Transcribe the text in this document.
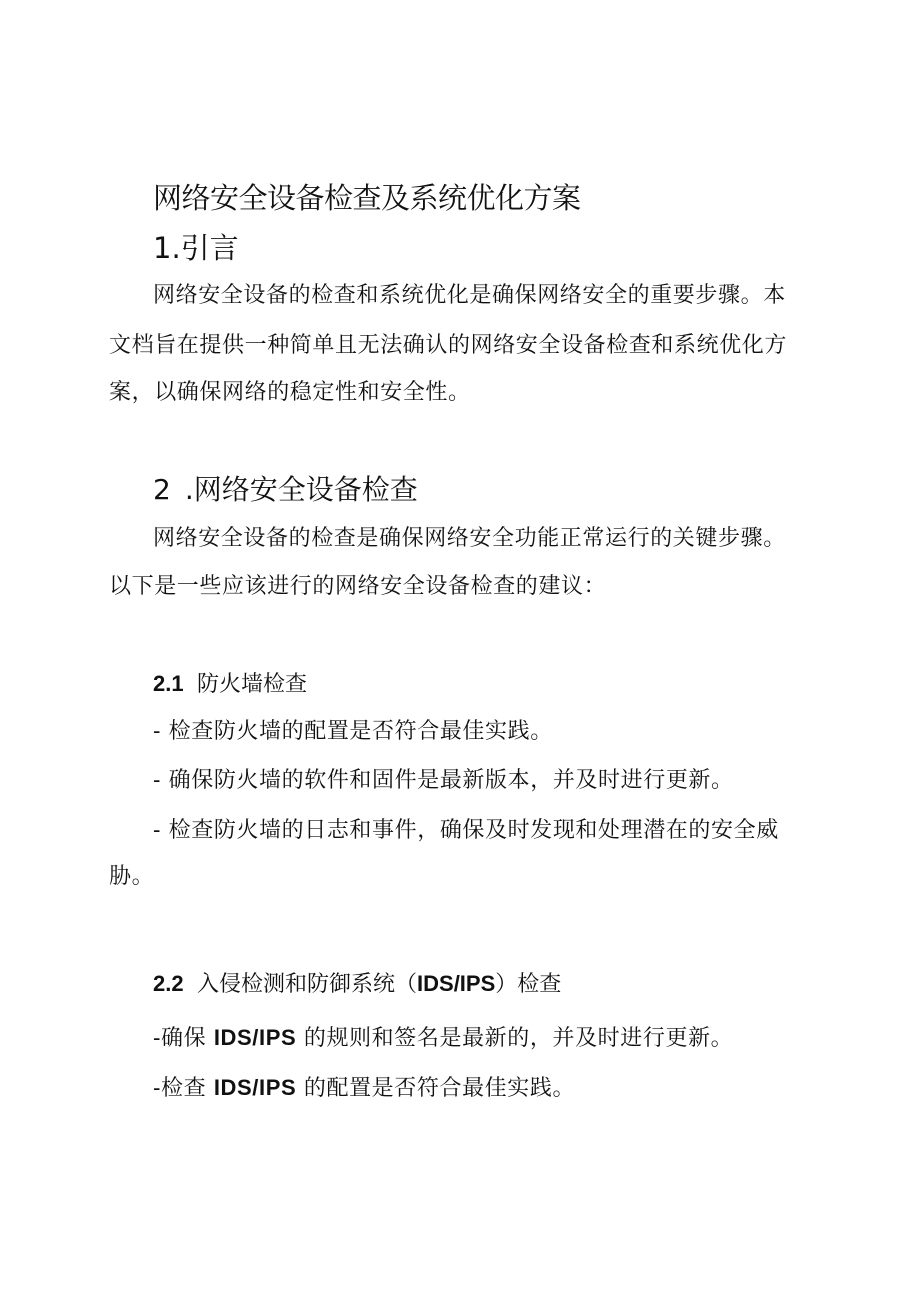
网络安全设备检查及系统优化方案
1.引言

网络安全设备的检查和系统优化是确保网络安全的重要步骤。本

文档旨在提供一种简单且无法确认的网络安全设备检查和系统优化方

案，以确保网络的稳定性和安全性。

2 .网络安全设备检查

网络安全设备的检查是确保网络安全功能正常运行的关键步骤。

以下是一些应该进行的网络安全设备检查的建议：

2.1 防火墙检查

- 检查防火墙的配置是否符合最佳实践。

- 确保防火墙的软件和固件是最新版本，并及时进行更新。

- 检查防火墙的日志和事件，确保及时发现和处理潜在的安全威

胁。

2.2 入侵检测和防御系统（IDS/IPS）检查

-确保 IDS/IPS 的规则和签名是最新的，并及时进行更新。

-检查 IDS/IPS 的配置是否符合最佳实践。
